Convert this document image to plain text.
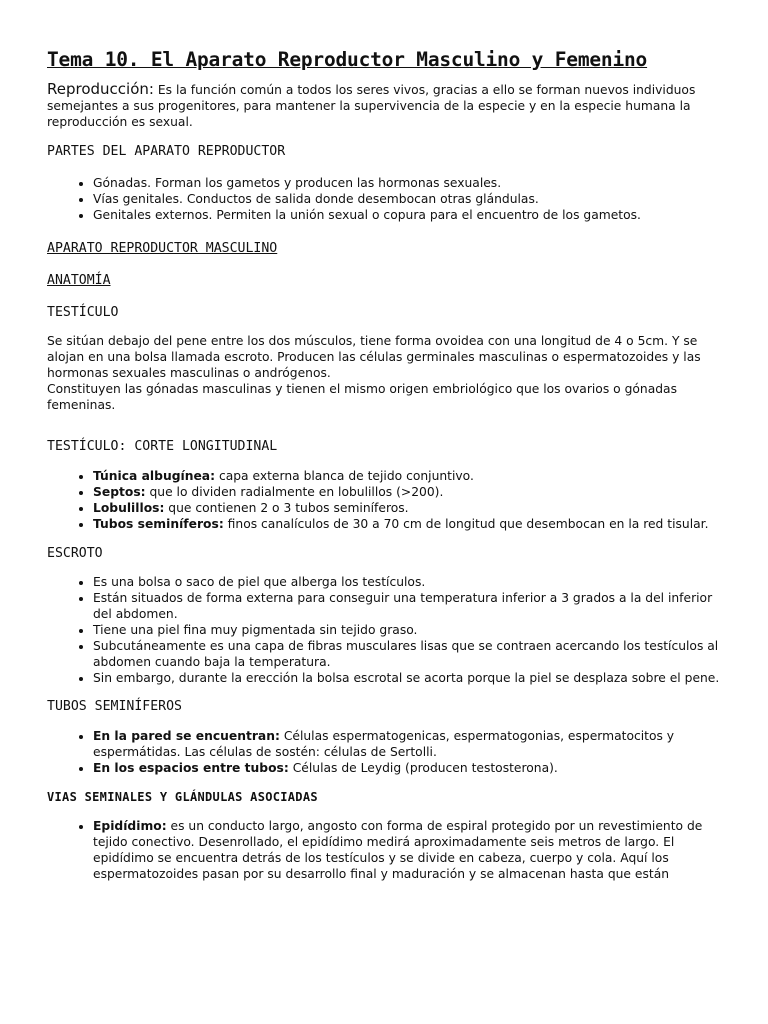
Tema 10. El Aparato Reproductor Masculino y Femenino

Reproducción: Es la función común a todos los seres vivos, gracias a ello se forman nuevos individuos semejantes a sus progenitores, para mantener la supervivencia de la especie y en la especie humana la reproducción es sexual.

PARTES DEL APARATO REPRODUCTOR
• Gónadas. Forman los gametos y producen las hormonas sexuales.
• Vías genitales. Conductos de salida donde desembocan otras glándulas.
• Genitales externos. Permiten la unión sexual o copura para el encuentro de los gametos.
APARATO REPRODUCTOR MASCULINO
ANATOMÍA
TESTÍCULO

Se sitúan debajo del pene entre los dos músculos, tiene forma ovoidea con una longitud de 4 o 5cm. Y se alojan en una bolsa llamada escroto. Producen las células germinales masculinas o espermatozoides y las hormonas sexuales masculinas o andrógenos.

Constituyen las gónadas masculinas y tienen el mismo origen embriológico que los ovarios o gónadas femeninas.

TESTÍCULO: CORTE LONGITUDINAL
• Túnica albugínea: capa externa blanca de tejido conjuntivo.
• Septos: que lo dividen radialmente en lobulillos (>200).
• Lobulillos: que contienen 2 o 3 tubos seminíferos.
• Tubos seminíferos: finos canalículos de 30 a 70 cm de longitud que desembocan en la red tisular.
ESCROTO
• Es una bolsa o saco de piel que alberga los testículos.
• Están situados de forma externa para conseguir una temperatura inferior a 3 grados a la del inferior del abdomen.
• Tiene una piel fina muy pigmentada sin tejido graso.
• Subcutáneamente es una capa de fibras musculares lisas que se contraen acercando los testículos al abdomen cuando baja la temperatura.
• Sin embargo, durante la erección la bolsa escrotal se acorta porque la piel se desplaza sobre el pene.
TUBOS SEMINÍFEROS
• En la pared se encuentran: Células espermatogenicas, espermatogonias, espermatocitos y espermátidas. Las células de sostén: células de Sertolli.
• En los espacios entre tubos: Células de Leydig (producen testosterona).
VIAS SEMINALES Y GLÁNDULAS ASOCIADAS
• Epidídimo: es un conducto largo, angosto con forma de espiral protegido por un revestimiento de tejido conectivo. Desenrollado, el epidídimo medirá aproximadamente seis metros de largo. El epidídimo se encuentra detrás de los testículos y se divide en cabeza, cuerpo y cola. Aquí los espermatozoides pasan por su desarrollo final y maduración y se almacenan hasta que están
